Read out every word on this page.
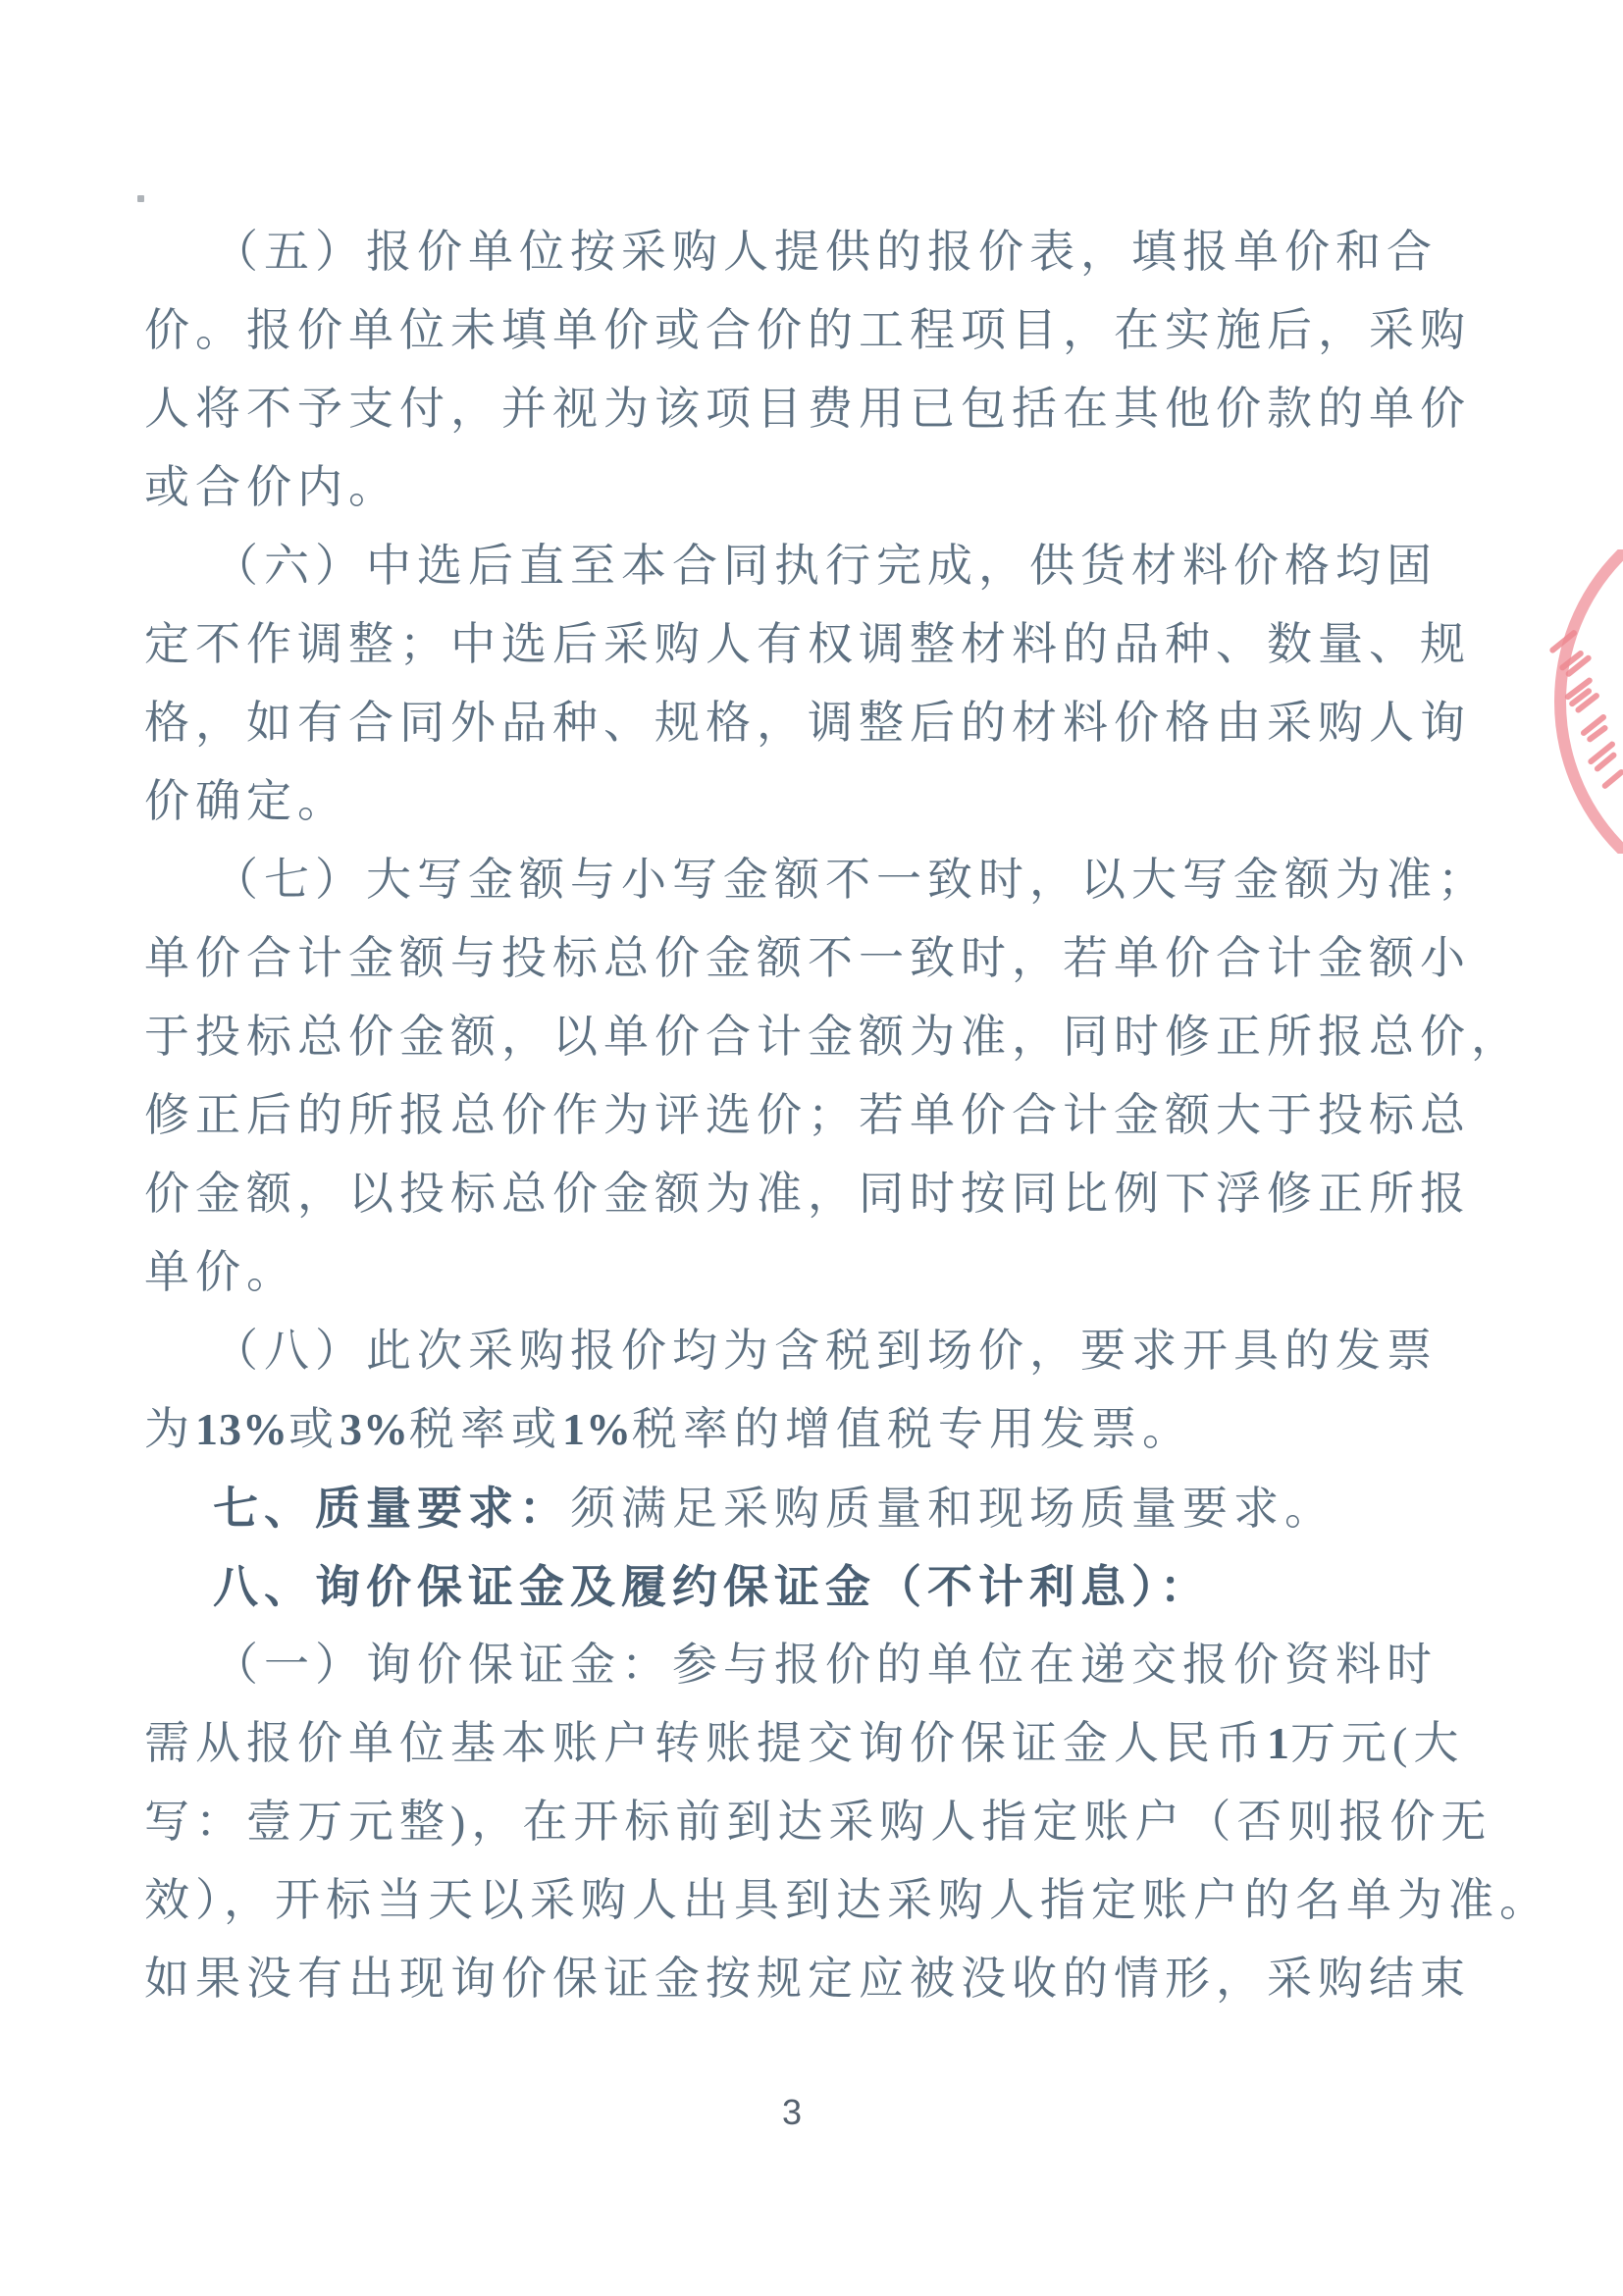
（五）报价单位按采购人提供的报价表，填报单价和合
价。报价单位未填单价或合价的工程项目，在实施后，采购
人将不予支付，并视为该项目费用已包括在其他价款的单价
或合价内。
（六）中选后直至本合同执行完成，供货材料价格均固
定不作调整；中选后采购人有权调整材料的品种、数量、规
格，如有合同外品种、规格，调整后的材料价格由采购人询
价确定。
（七）大写金额与小写金额不一致时，以大写金额为准；
单价合计金额与投标总价金额不一致时，若单价合计金额小
于投标总价金额，以单价合计金额为准，同时修正所报总价，
修正后的所报总价作为评选价；若单价合计金额大于投标总
价金额，以投标总价金额为准，同时按同比例下浮修正所报
单价。
（八）此次采购报价均为含税到场价，要求开具的发票
为13%或3%税率或1%税率的增值税专用发票。
七、质量要求：须满足采购质量和现场质量要求。
八、询价保证金及履约保证金（不计利息）：
（一）询价保证金：参与报价的单位在递交报价资料时
需从报价单位基本账户转账提交询价保证金人民币1万元(大
写：壹万元整)，在开标前到达采购人指定账户（否则报价无
效），开标当天以采购人出具到达采购人指定账户的名单为准。
如果没有出现询价保证金按规定应被没收的情形，采购结束
3
